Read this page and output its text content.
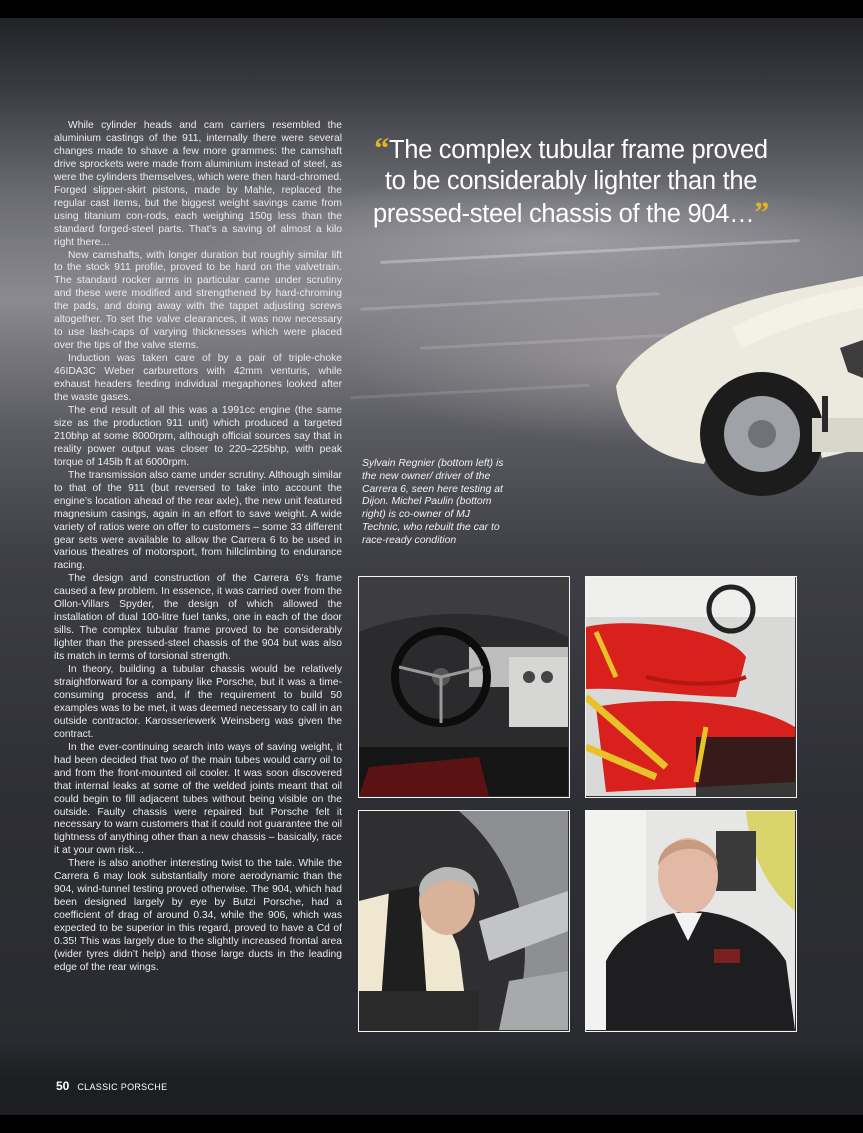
While cylinder heads and cam carriers resembled the aluminium castings of the 911, internally there were several changes made to shave a few more grammes: the camshaft drive sprockets were made from aluminium instead of steel, as were the cylinders themselves, which were then hard-chromed. Forged slipper-skirt pistons, made by Mahle, replaced the regular cast items, but the biggest weight savings came from using titanium con-rods, each weighing 150g less than the standard forged-steel parts. That’s a saving of almost a kilo right there…

New camshafts, with longer duration but roughly similar lift to the stock 911 profile, proved to be hard on the valvetrain. The standard rocker arms in particular came under scrutiny and these were modified and strengthened by hard-chroming the pads, and doing away with the tappet adjusting screws altogether. To set the valve clearances, it was now necessary to use lash-caps of varying thicknesses which were placed over the tips of the valve stems.

Induction was taken care of by a pair of triple-choke 46IDA3C Weber carburettors with 42mm venturis, while exhaust headers feeding individual megaphones looked after the waste gases.

The end result of all this was a 1991cc engine (the same size as the production 911 unit) which produced a targeted 210bhp at some 8000rpm, although official sources say that in reality power output was closer to 220–225bhp, with peak torque of 145lb ft at 6000rpm.

The transmission also came under scrutiny. Although similar to that of the 911 (but reversed to take into account the engine’s location ahead of the rear axle), the new unit featured magnesium casings, again in an effort to save weight. A wide variety of ratios were on offer to customers – some 33 different gear sets were available to allow the Carrera 6 to be used in various theatres of motorsport, from hillclimbing to endurance racing.

The design and construction of the Carrera 6’s frame caused a few problem. In essence, it was carried over from the Ollon-Villars Spyder, the design of which allowed the installation of dual 100-litre fuel tanks, one in each of the door sills. The complex tubular frame proved to be considerably lighter than the pressed-steel chassis of the 904 but was also its match in terms of torsional strength.

In theory, building a tubular chassis would be relatively straightforward for a company like Porsche, but it was a time-consuming process and, if the requirement to build 50 examples was to be met, it was deemed necessary to call in an outside contractor. Karosseriewerk Weinsberg was given the contract.

In the ever-continuing search into ways of saving weight, it had been decided that two of the main tubes would carry oil to and from the front-mounted oil cooler. It was soon discovered that internal leaks at some of the welded joints meant that oil could begin to fill adjacent tubes without being visible on the outside. Faulty chassis were repaired but Porsche felt it necessary to warn customers that it could not guarantee the oil tightness of anything other than a new chassis – basically, race it at your own risk…

There is also another interesting twist to the tale. While the Carrera 6 may look substantially more aerodynamic than the 904, wind-tunnel testing proved otherwise. The 904, which had been designed largely by eye by Butzi Porsche, had a coefficient of drag of around 0.34, while the 906, which was expected to be superior in this regard, proved to have a Cd of 0.35! This was largely due to the slightly increased frontal area (wider tyres didn’t help) and those large ducts in the leading edge of the rear wings.

“The complex tubular frame proved to be considerably lighter than the pressed-steel chassis of the 904…”
Sylvain Regnier (bottom left) is the new owner/ driver of the Carrera 6, seen here testing at Dijon. Michel Paulin (bottom right) is co-owner of MJ Technic, who rebuilt the car to race-ready condition
50 CLASSIC PORSCHE
